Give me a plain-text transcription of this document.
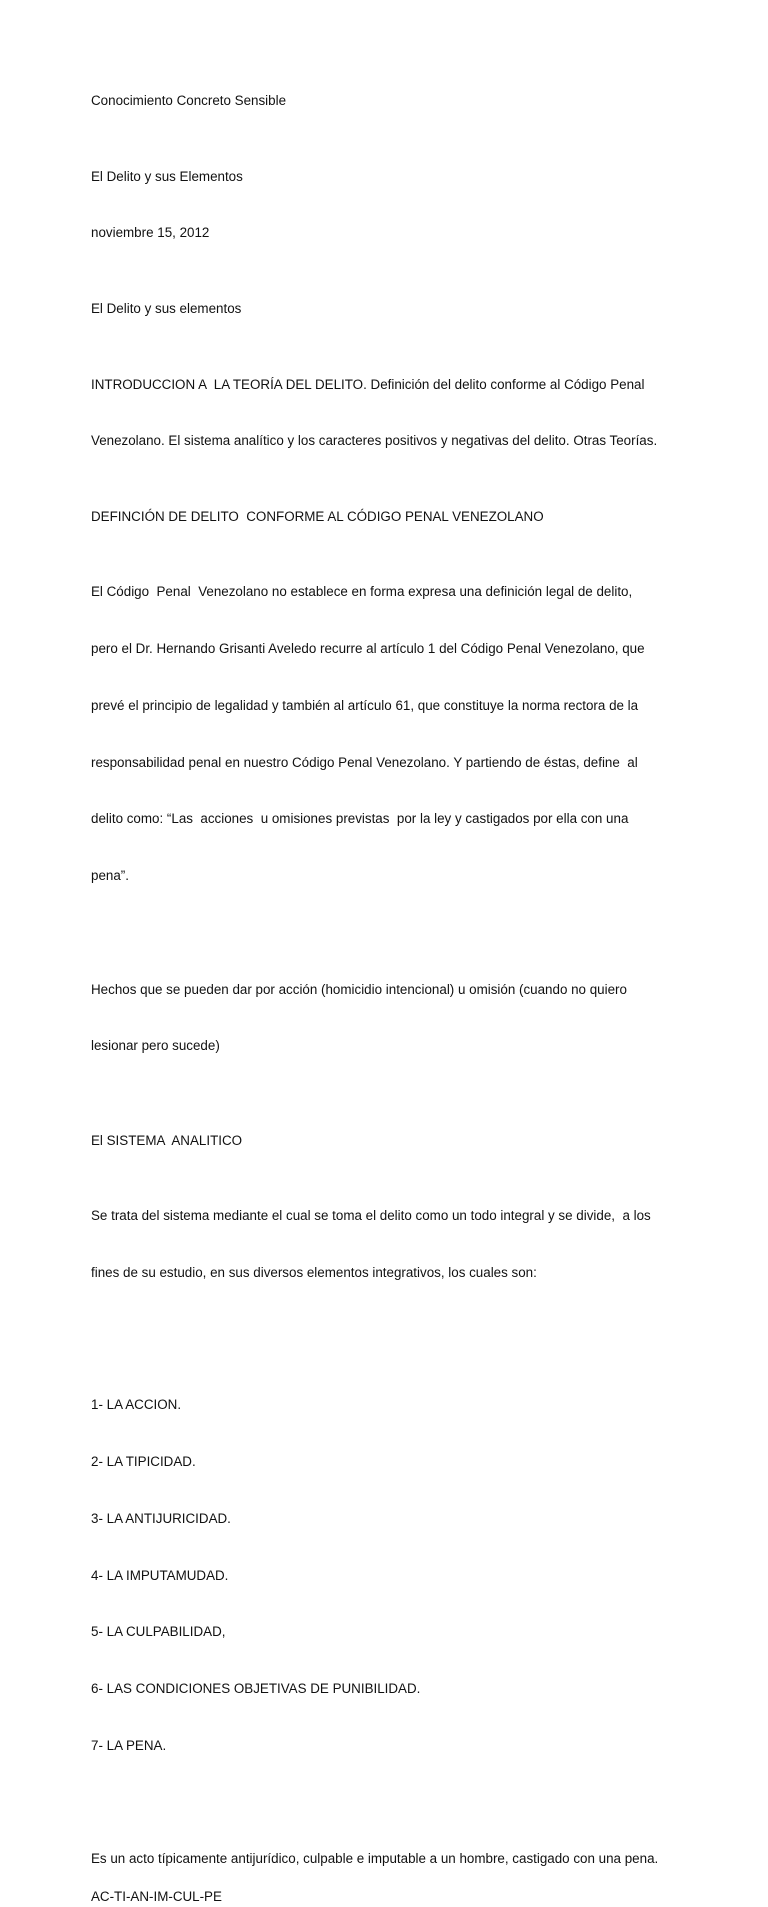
Conocimiento Concreto Sensible

El Delito y sus Elementos

noviembre 15, 2012

El Delito y sus elementos

INTRODUCCION A  LA TEORÍA DEL DELITO. Definición del delito conforme al Código Penal

Venezolano. El sistema analítico y los caracteres positivos y negativas del delito. Otras Teorías.

DEFINCIÓN DE DELITO  CONFORME AL CÓDIGO PENAL VENEZOLANO

El Código  Penal  Venezolano no establece en forma expresa una definición legal de delito,

pero el Dr. Hernando Grisanti Aveledo recurre al artículo 1 del Código Penal Venezolano, que

prevé el principio de legalidad y también al artículo 61, que constituye la norma rectora de la

responsabilidad penal en nuestro Código Penal Venezolano. Y partiendo de éstas, define  al

delito como: “Las  acciones  u omisiones previstas  por la ley y castigados por ella con una

pena”.

Hechos que se pueden dar por acción (homicidio intencional) u omisión (cuando no quiero

lesionar pero sucede)

El SISTEMA  ANALITICO

Se trata del sistema mediante el cual se toma el delito como un todo integral y se divide,  a los

fines de su estudio, en sus diversos elementos integrativos, los cuales son:

1- LA ACCION.

2- LA TIPICIDAD.

3- LA ANTIJURICIDAD.

4- LA IMPUTAMUDAD.

5- LA CULPABILIDAD,

6- LAS CONDICIONES OBJETIVAS DE PUNIBILIDAD.

7- LA PENA.

Es un acto típicamente antijurídico, culpable e imputable a un hombre, castigado con una pena.
AC-TI-AN-IM-CUL-PE
